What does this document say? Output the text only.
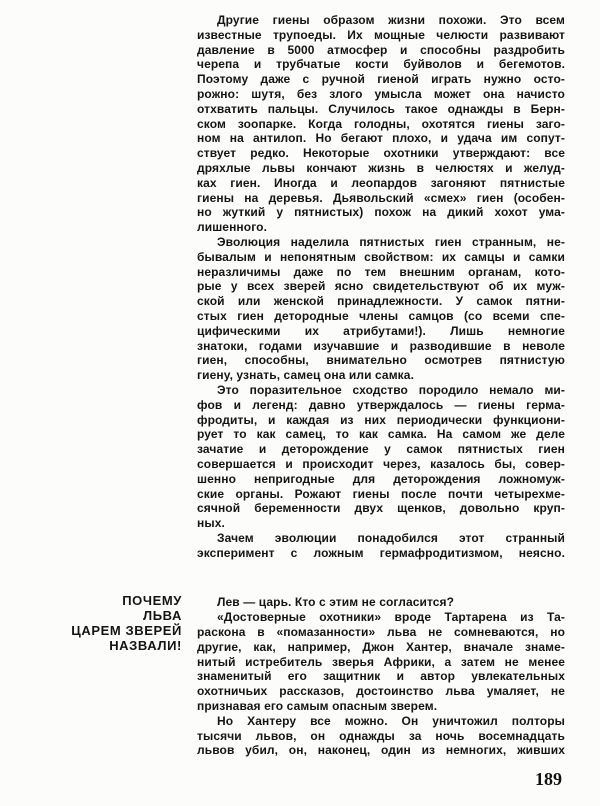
Другие гиены образом жизни похожи. Это всем
известные трупоеды. Их мощные челюсти развивают
давление в 5000 атмосфер и способны раздробить
черепа и трубчатые кости буйволов и бегемотов.
Поэтому даже с ручной гиеной играть нужно осто-
рожно: шутя, без злого умысла может она начисто
отхватить пальцы. Случилось такое однажды в Берн-
ском зоопарке. Когда голодны, охотятся гиены заго-
ном на антилоп. Но бегают плохо, и удача им сопут-
ствует редко. Некоторые охотники утверждают: все
дряхлые львы кончают жизнь в челюстях и желуд-
ках гиен. Иногда и леопардов загоняют пятнистые
гиены на деревья. Дьявольский «смех» гиен (особен-
но жуткий у пятнистых) похож на дикий хохот ума-
лишенного.
Эволюция наделила пятнистых гиен странным, не-
бывалым и непонятным свойством: их самцы и самки
неразличимы даже по тем внешним органам, кото-
рые у всех зверей ясно свидетельствуют об их муж-
ской или женской принадлежности. У самок пятни-
стых гиен детородные члены самцов (со всеми спе-
цифическими их атрибутами!). Лишь немногие
знатоки, годами изучавшие и разводившие в неволе
гиен, способны, внимательно осмотрев пятнистую
гиену, узнать, самец она или самка.
Это поразительное сходство породило немало ми-
фов и легенд: давно утверждалось — гиены герма-
фродиты, и каждая из них периодически функциони-
рует то как самец, то как самка. На самом же деле
зачатие и деторождение у самок пятнистых гиен
совершается и происходит через, казалось бы, совер-
шенно непригодные для деторождения ложномуж-
ские органы. Рожают гиены после почти четырехме-
сячной беременности двух щенков, довольно круп-
ных.
Зачем эволюции понадобился этот странный
эксперимент с ложным гермафродитизмом, неясно.
Лев — царь. Кто с этим не согласится?
«Достоверные охотники» вроде Тартарена из Та-
раскона в «помазанности» льва не сомневаются, но
другие, как, например, Джон Хантер, вначале знаме-
нитый истребитель зверья Африки, а затем не менее
знаменитый его защитник и автор увлекательных
охотничьих рассказов, достоинство льва умаляет, не
признавая его самым опасным зверем.
Но Хантеру все можно. Он уничтожил полторы
тысячи львов, он однажды за ночь восемнадцать
львов убил, он, наконец, один из немногих, живших
ПОЧЕМУ
ЛЬВА
ЦАРЕМ ЗВЕРЕЙ
НАЗВАЛИ!
189
